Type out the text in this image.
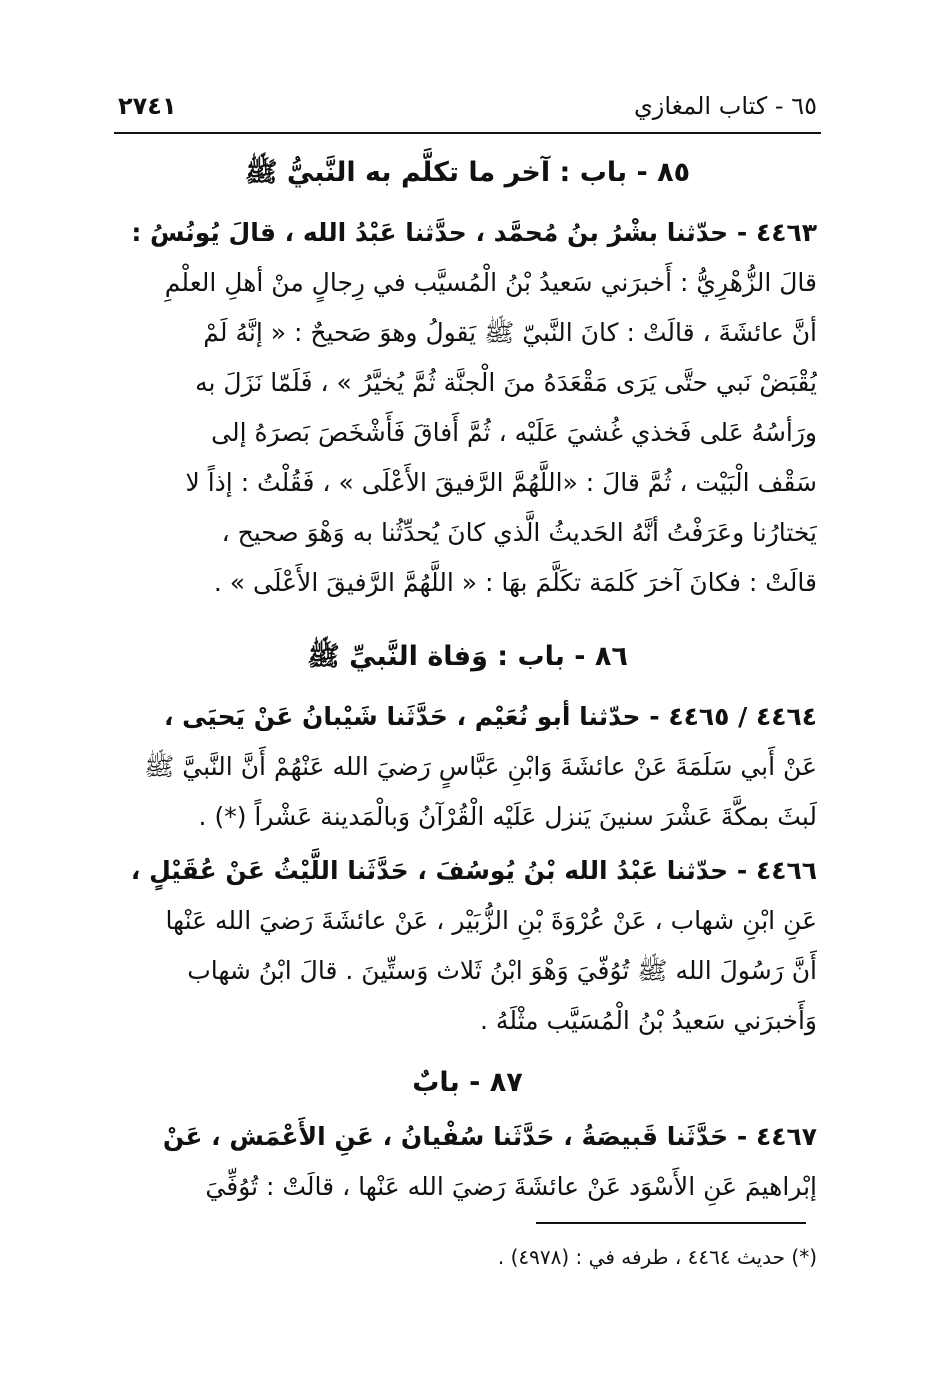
٦٥ - كتاب المغازي
٢٧٤١
٨٥ - باب : آخر ما تكلَّم به النَّبيُّ ﷺ
٤٤٦٣ - حدّثنا بشْرُ بنُ مُحمَّد ، حدَّثنا عَبْدُ الله ، قالَ يُونُسُ :
قالَ الزُّهْرِيُّ : أَخبرَني سَعيدُ بْنُ الْمُسيَّب في رِجالٍ منْ أهلِ العلْمِ
أنَّ عائشَةَ ، قالَتْ : كانَ النَّبيّ ﷺ يَقولُ وهوَ صَحيحٌ : « إنَّهُ لَمْ
يُقْبَضْ نَبي حتَّى يَرَى مَقْعَدَهُ منَ الْجنَّة ثُمَّ يُخيَّرُ » ، فَلَمّا نَزَلَ به
ورَأسُهُ عَلى فَخذي غُشيَ عَلَيْه ، ثُمَّ أَفاقَ فَأَشْخَصَ بَصرَهُ إلى
سَقْف الْبَيْت ، ثُمَّ قالَ : «اللَّهُمَّ الرَّفيقَ الأَعْلَى » ، فَقُلْتُ : إذاً لا
يَختارُنا وعَرَفْتُ أنَّهُ الحَديثُ الَّذي كانَ يُحدِّثُنا به وَهْوَ صحيح ،
قالَتْ : فكانَ آخرَ كَلمَة تكَلَّمَ بهَا : « اللَّهُمَّ الرَّفيقَ الأَعْلَى » .
٨٦ - باب : وَفاة النَّبيِّ ﷺ
٤٤٦٤ / ٤٤٦٥ - حدّثنا أبو نُعَيْم ، حَدَّثَنا شَيْبانُ عَنْ يَحيَى ،
عَنْ أَبي سَلَمَةَ عَنْ عائشَةَ وَابْنِ عَبَّاسٍ رَضيَ الله عَنْهُمْ أَنَّ النَّبيَّ ﷺ
لَبثَ بمكَّةَ عَشْرَ سنينَ يَنزل عَلَيْه الْقُرْآنُ وَبالْمَدينة عَشْراً (*) .
٤٤٦٦ - حدّثنا عَبْدُ الله بْنُ يُوسُفَ ، حَدَّثَنا اللَّيْثُ عَنْ عُقَيْلٍ ،
عَنِ ابْنِ شهاب ، عَنْ عُرْوَةَ بْنِ الزُّبَيْر ، عَنْ عائشَةَ رَضيَ الله عَنْها
أَنَّ رَسُولَ الله ﷺ تُوُفّيَ وَهْوَ ابْنُ ثَلاث وَستِّينَ . قالَ ابْنُ شهاب
وَأَخبرَني سَعيدُ بْنُ الْمُسَيَّب مثْلَهُ .
٨٧ - بابٌ
٤٤٦٧ - حَدَّثَنا قَبيصَةُ ، حَدَّثَنا سُفْيانُ ، عَنِ الأَعْمَش ، عَنْ
إبْراهيمَ عَنِ الأَسْوَد عَنْ عائشَةَ رَضيَ الله عَنْها ، قالَتْ : تُوُفِّيَ
(*) حديث ٤٤٦٤ ، طرفه في : (٤٩٧٨) .
